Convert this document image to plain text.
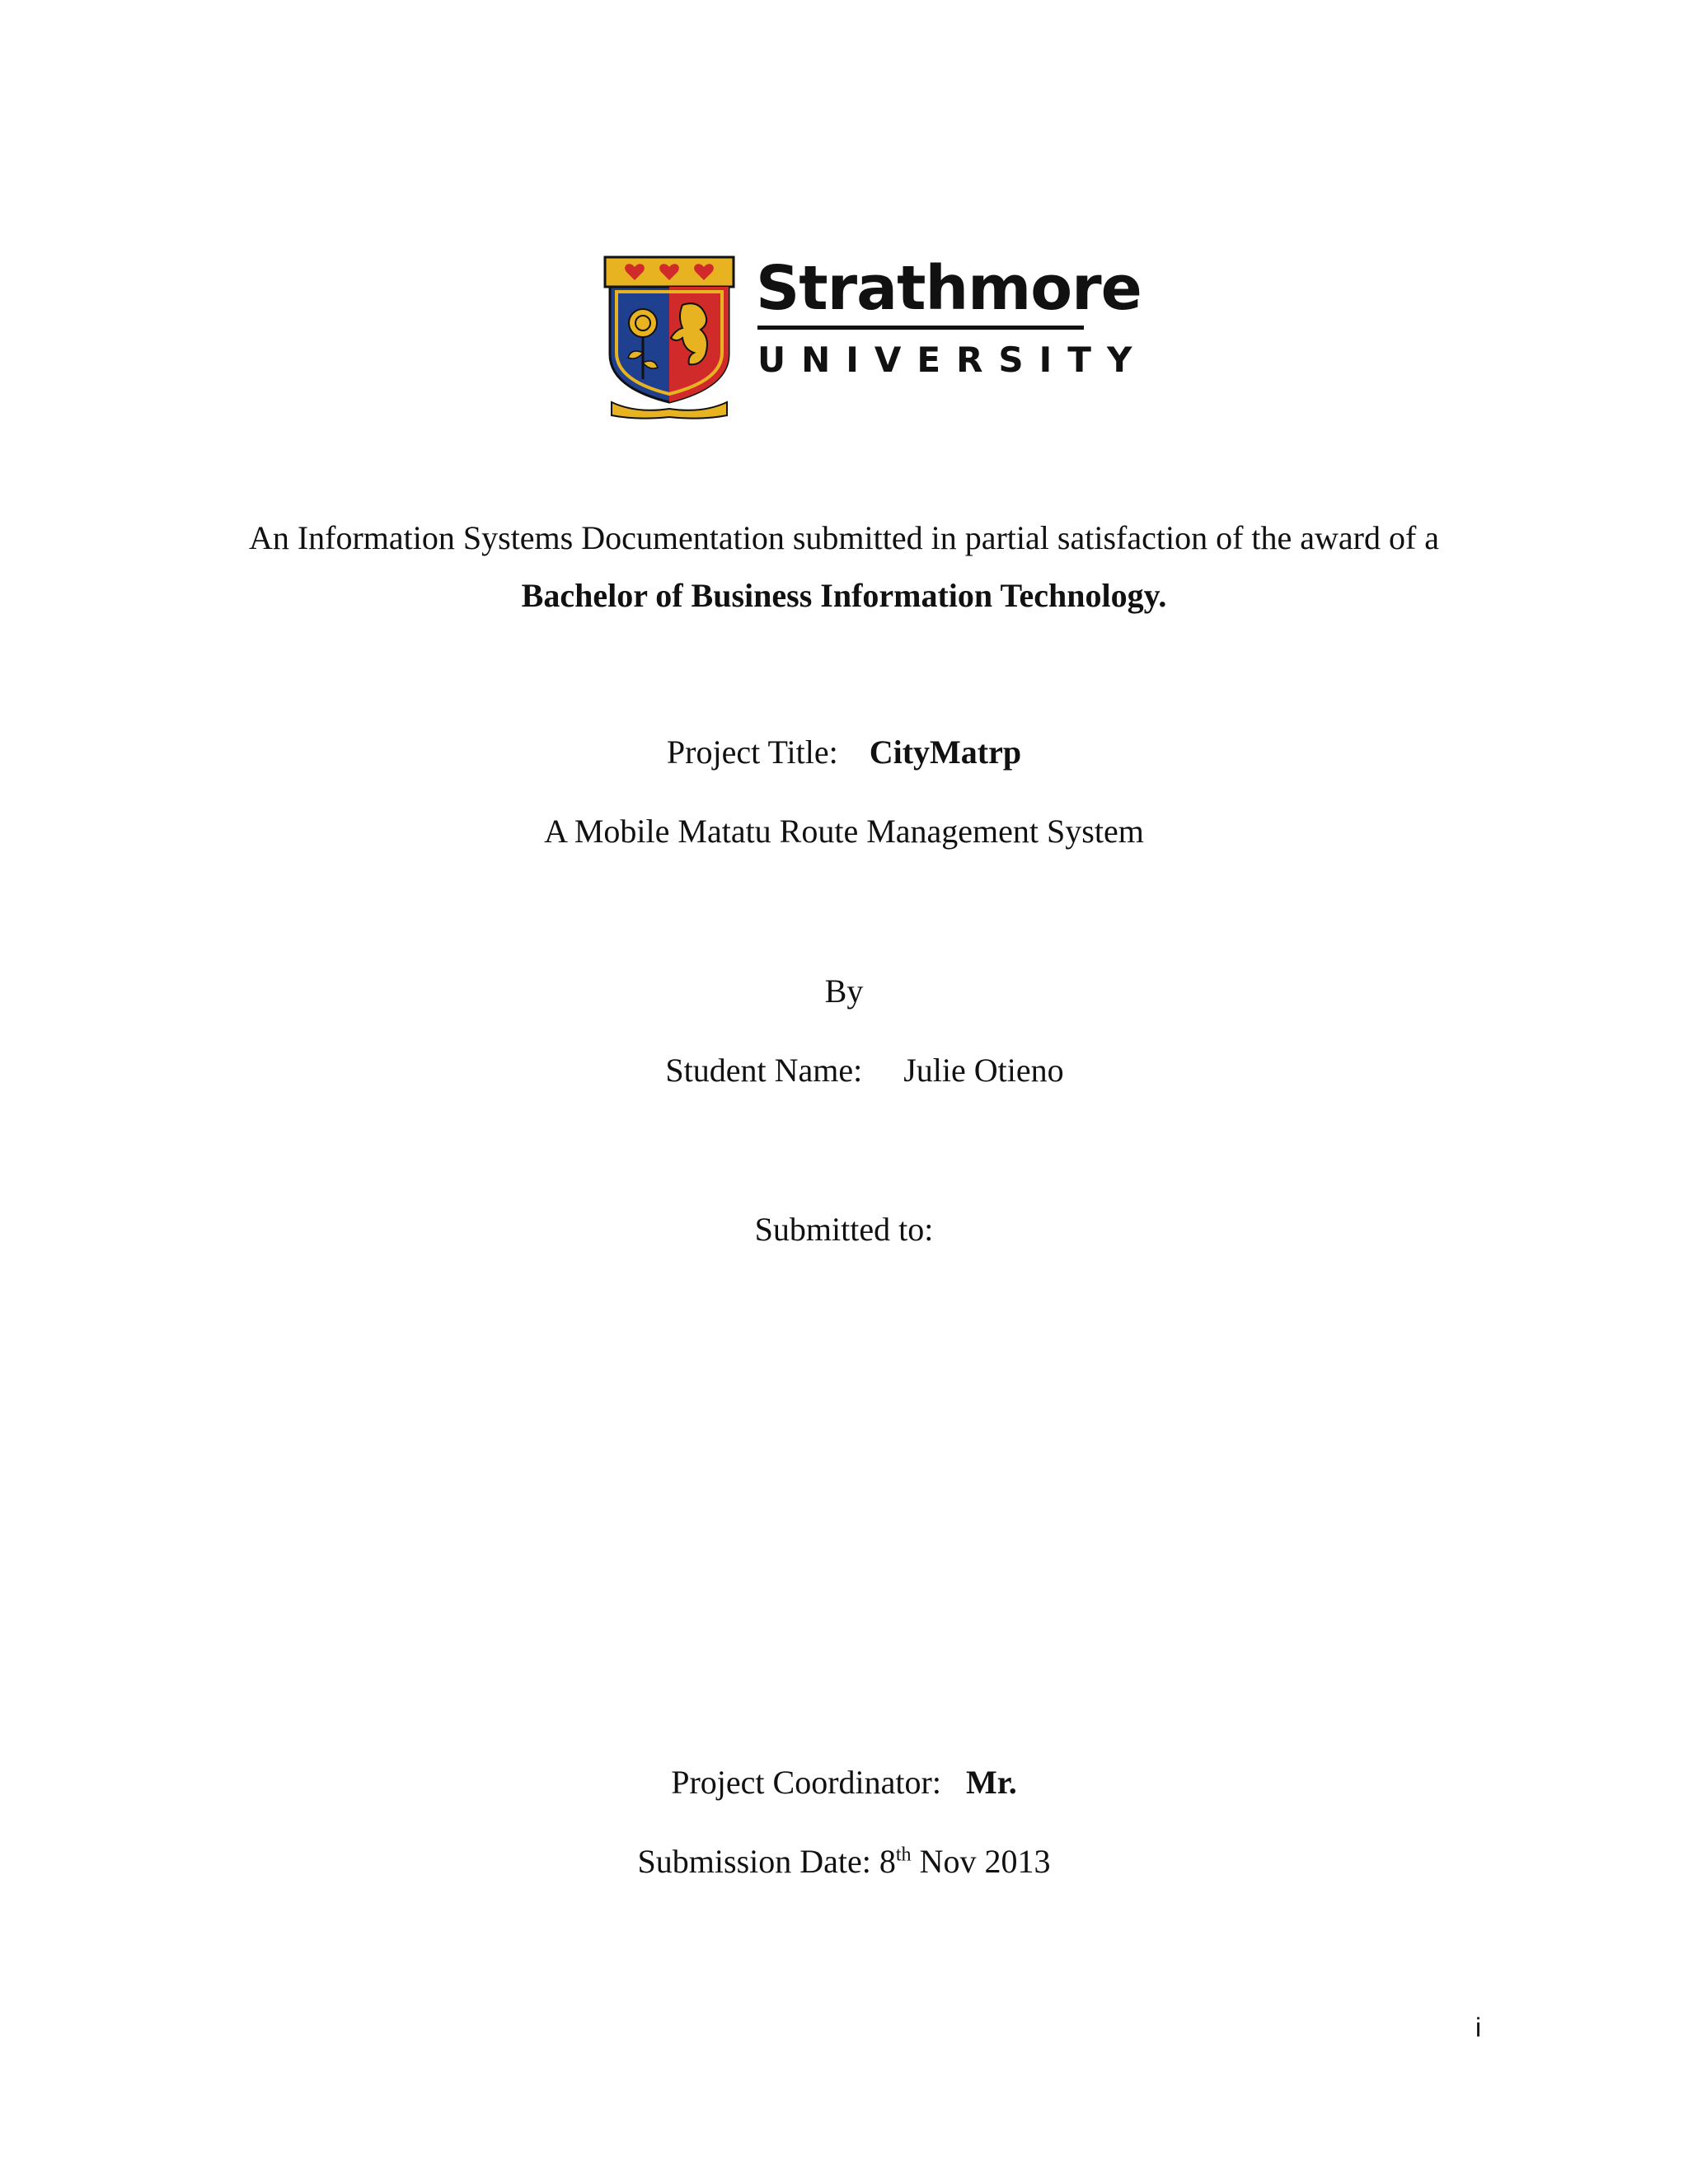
Strathmore
UNIVERSITY
An Information Systems Documentation submitted in partial satisfaction of the award of a
Bachelor of Business Information Technology.
Project Title: CityMatrp
A Mobile Matatu Route Management System
By
Student Name: Julie Otieno
Submitted to:
Project Coordinator: Mr.
Submission Date: 8th Nov 2013
i
